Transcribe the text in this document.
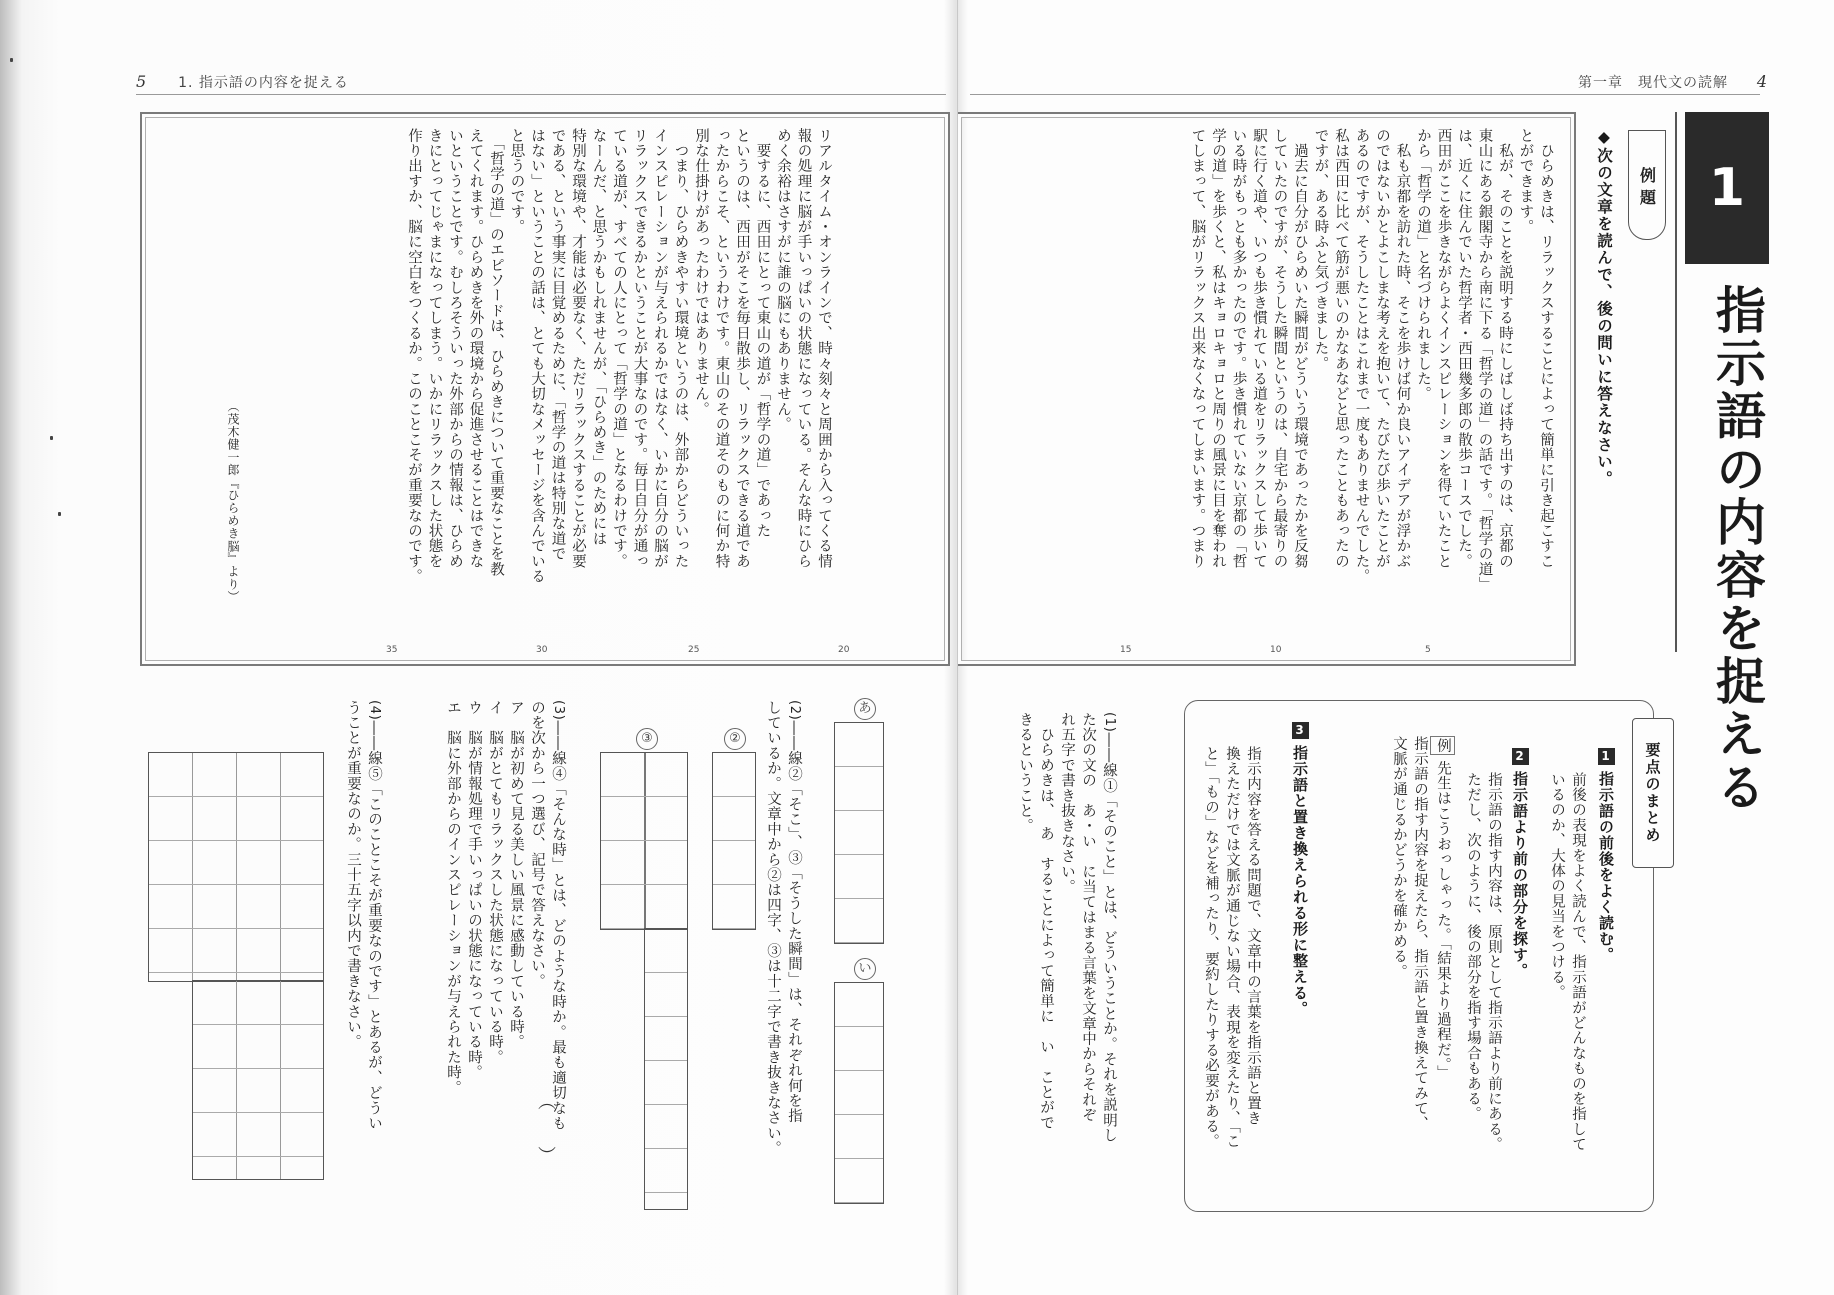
5 1. 指示語の内容を捉える	第一章　現代文の読解 4
1
指示語の内容を捉える
例題
◆次の文章を読んで、後の問いに答えなさい。

　ひらめきは、リラックスすることによって簡単に引き起こすこ

とができます。

　私が、そのことを説明する時にしばしば持ち出すのは、京都の

東山にある銀閣寺から南に下る「哲学の道」の話です。「哲学の道」

は、近くに住んでいた哲学者・西田幾多郎の散歩コースでした。

西田がここを歩きながらよくインスピレーションを得ていたこと

から「哲学の道」と名づけられました。

　私も京都を訪れた時、そこを歩けば何か良いアイデアが浮かぶ

のではないかとよこしまな考えを抱いて、たびたび歩いたことが

あるのですが、そうしたことはこれまで一度もありませんでした。

私は西田に比べて筋が悪いのかなあなどと思ったこともあったの

ですが、ある時ふと気づきました。

　過去に自分がひらめいた瞬間がどういう環境であったかを反芻

していたのですが、そうした瞬間というのは、自宅から最寄りの

駅に行く道や、いつも歩き慣れている道をリラックスして歩いて

いる時がもっとも多かったのです。歩き慣れていない京都の「哲

学の道」を歩くと、私はキョロキョロと周りの風景に目を奪われ

てしまって、脳がリラックス出来なくなってしまいます。つまり

リアルタイム・オンラインで、時々刻々と周囲から入ってくる情

報の処理に脳が手いっぱいの状態になっている。そんな時にひら

めく余裕はさすがに誰の脳にもありません。

　要するに、西田にとって東山の道が「哲学の道」であった

というのは、西田がそこを毎日散歩し、リラックスできる道であ

ったからこそ、というわけです。東山のその道そのものに何か特

別な仕掛けがあったわけではありません。

　つまり、ひらめきやすい環境というのは、外部からどういった

インスピレーションが与えられるかではなく、いかに自分の脳が

リラックスできるかということが大事なのです。毎日自分が通っ

ている道が、すべての人にとって「哲学の道」となるわけです。

なーんだ、と思うかもしれませんが、「ひらめき」のためには

特別な環境や、才能は必要なく、ただリラックスすることが必要

である、という事実に目覚めるために、「哲学の道は特別な道で

はない」ということの話は、とても大切なメッセージを含んでいる

と思うのです。

　「哲学の道」のエピソードは、ひらめきについて重要なことを教

えてくれます。ひらめきを外の環境から促進させることはできな

いということです。むしろそういった外部からの情報は、ひらめ

きにとってじゃまになってしまう。いかにリラックスした状態を

作り出すか、脳に空白をつくるか。このことこそが重要なのです。

（茂木健一郎『ひらめき脳』より）
5
10
15
20
25
30
35
要点のまとめ
1指示語の前後をよく読む。

前後の表現をよく読んで、指示語がどんなものを指して

いるのか、大体の見当をつける。

2指示語より前の部分を探す。

指示語の指す内容は、原則として指示語より前にある。

ただし、次のように、後の部分を指す場合もある。

例 先生はこうおっしゃった。「結果より過程だ。」

指示語の指す内容を捉えたら、指示語と置き換えてみて、

文脈が通じるかどうかを確かめる。

3指示語と置き換えられる形に整える。

指示内容を答える問題で、文章中の言葉を指示語と置き

換えただけでは文脈が通じない場合、表現を変えたり、「こ

と」「もの」などを補ったり、要約したりする必要がある。

(1)――線①「そのこと」とは、どういうことか。それを説明し

た次の文の　あ・い　に当てはまる言葉を文章中からそれぞ

れ五字で書き抜きなさい。

　ひらめきは、　あ　することによって簡単に　い　ことがで

きるということ。

(2)――線②「そこ」、③「そうした瞬間」は、それぞれ何を指

しているか。文章中から②は四字、③は十二字で書き抜きなさい。	あ
い
②
③

(3)――線④「そんな時」とは、どのような時か。最も適切なも

のを次から一つ選び、記号で答えなさい。

ア　脳が初めて見る美しい風景に感動している時。

イ　脳がとてもリラックスした状態になっている時。

ウ　脳が情報処理で手いっぱいの状態になっている時。

エ　脳に外部からのインスピレーションが与えられた時。

（　　）

(4)――線⑤「このことこそが重要なのです」とあるが、どうい

うことが重要なのか。三十五字以内で書きなさい。
